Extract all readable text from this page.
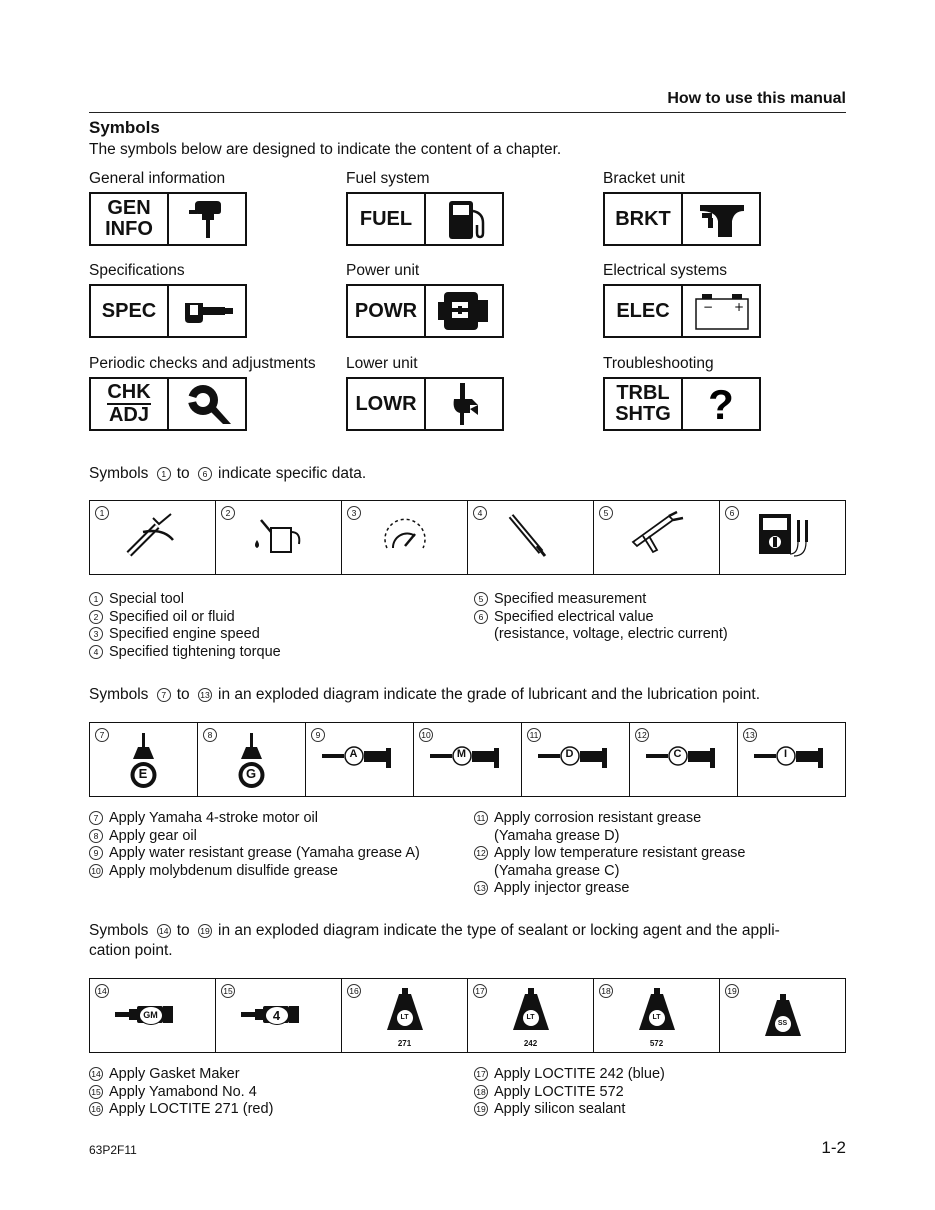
How to use this manual
Symbols
The symbols below are designed to indicate the content of a chapter.
General information
GEN
INFO
Fuel system
FUEL
Bracket unit
BRKT
Specifications
SPEC
Power unit
POWR
Electrical systems
ELEC	− +
Periodic checks and adjustments
CHK
ADJ
Lower unit
LOWR
Troubleshooting
TRBL
SHTG ?
Symbols 1 to 6 indicate specific data.
1	2	3	4	5	6
1 Special tool
2 Specified oil or fluid
3 Specified engine speed
4 Specified tightening torque
5 Specified measurement
6 Specified electrical value
(resistance, voltage, electric current)
Symbols 7 to 13 in an exploded diagram indicate the grade of lubricant and the lubrication point.
7
E
8
G
9
A
10
M
11
D
12
C
13
I
7 Apply Yamaha 4-stroke motor oil
8 Apply gear oil
9 Apply water resistant grease (Yamaha grease A)
10 Apply molybdenum disulfide grease
11 Apply corrosion resistant grease
(Yamaha grease D)
12 Apply low temperature resistant grease
(Yamaha grease C)
13 Apply injector grease
Symbols 14 to 19 in an exploded diagram indicate the type of sealant or locking agent and the appli-
cation point.
14
GM
15
4
16
LT
271
17
LT
242
18
LT
572
19
SS
14 Apply Gasket Maker
15 Apply Yamabond No. 4
16 Apply LOCTITE 271 (red)
17 Apply LOCTITE 242 (blue)
18 Apply LOCTITE 572
19 Apply silicon sealant
63P2F11	1-2
